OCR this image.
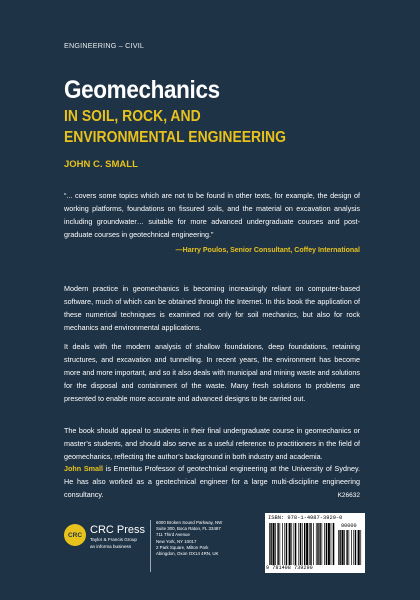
ENGINEERING – CIVIL
Geomechanics
IN SOIL, ROCK, AND
ENVIRONMENTAL ENGINEERING
JOHN C. SMALL

“... covers some topics which are not to be found in other texts, for example, the design of working platforms, foundations on fissured soils, and the material on excavation analysis including groundwater… suitable for more advanced undergraduate courses and post-graduate courses in geotechnical engineering.”

—Harry Poulos, Senior Consultant, Coffey International

Modern practice in geomechanics is becoming increasingly reliant on computer-based software, much of which can be obtained through the Internet. In this book the application of these numerical techniques is examined not only for soil mechanics, but also for rock mechanics and environmental applications.

It deals with the modern analysis of shallow foundations, deep foundations, retaining structures, and excavation and tunnelling. In recent years, the environment has become more and more important, and so it also deals with municipal and mining waste and solutions for the disposal and containment of the waste. Many fresh solutions to problems are presented to enable more accurate and advanced designs to be carried out.

The book should appeal to students in their final undergraduate course in geomechanics or master’s students, and should also serve as a useful reference to practitioners in the field of geomechanics, reflecting the author’s background in both industry and academia.

John Small is Emeritus Professor of geotechnical engineering at the University of Sydney. He has also worked as a geotechnical engineer for a large multi-discipline engineering consultancy.	K26632
CRC CRC Press
Taylor & Francis Group
an informa business
6000 Broken Sound Parkway, NW
Suite 300, Boca Raton, FL 33487
711 Third Avenue
New York, NY 10017
2 Park Square, Milton Park
Abingdon, Oxon OX14 4RN, UK
ISBN: 978-1-4987-3929-0
90000
9 781498 739290
